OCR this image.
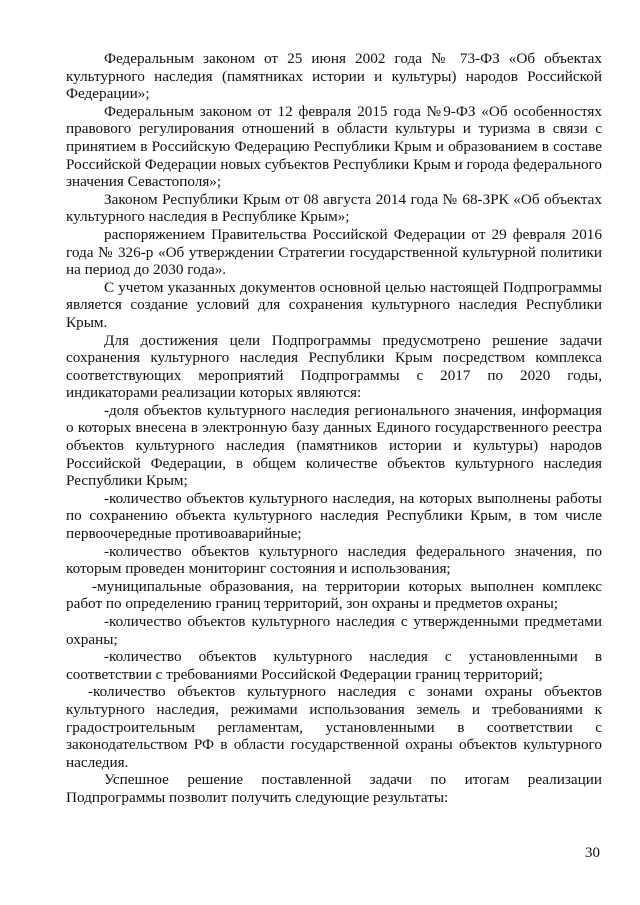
Федеральным законом от 25 июня 2002 года № 73-ФЗ «Об объектах культурного наследия (памятниках истории и культуры) народов Российской Федерации»;

Федеральным законом от 12 февраля 2015 года №9-ФЗ «Об особенностях правового регулирования отношений в области культуры и туризма в связи с принятием в Российскую Федерацию Республики Крым и образованием в составе Российской Федерации новых субъектов Республики Крым и города федерального значения Севастополя»;

Законом Республики Крым от 08 августа 2014 года № 68-ЗРК «Об объектах культурного наследия в Республике Крым»;

распоряжением Правительства Российской Федерации от 29 февраля 2016 года № 326-р «Об утверждении Стратегии государственной культурной политики на период до 2030 года».

С учетом указанных документов основной целью настоящей Подпрограммы является создание условий для сохранения культурного наследия Республики Крым.

Для достижения цели Подпрограммы предусмотрено решение задачи сохранения культурного наследия Республики Крым посредством комплекса соответствующих мероприятий Подпрограммы с 2017 по 2020 годы, индикаторами реализации которых являются:

-доля объектов культурного наследия регионального значения, информация о которых внесена в электронную базу данных Единого государственного реестра объектов культурного наследия (памятников истории и культуры) народов Российской Федерации, в общем количестве объектов культурного наследия Республики Крым;

-количество объектов культурного наследия, на которых выполнены работы по сохранению объекта культурного наследия Республики Крым, в том числе первоочередные противоаварийные;

-количество объектов культурного наследия федерального значения, по которым проведен мониторинг состояния и использования;

-муниципальные образования, на территории которых выполнен комплекс работ по определению границ территорий, зон охраны и предметов охраны;

-количество объектов культурного наследия с утвержденными предметами охраны;

-количество объектов культурного наследия с установленными в соответствии с требованиями Российской Федерации границ территорий;

-количество объектов культурного наследия с зонами охраны объектов культурного наследия, режимами использования земель и требованиями к градостроительным регламентам, установленными в соответствии с законодательством РФ в области государственной охраны объектов культурного наследия.

Успешное решение поставленной задачи по итогам реализации Подпрограммы позволит получить следующие результаты:

30
